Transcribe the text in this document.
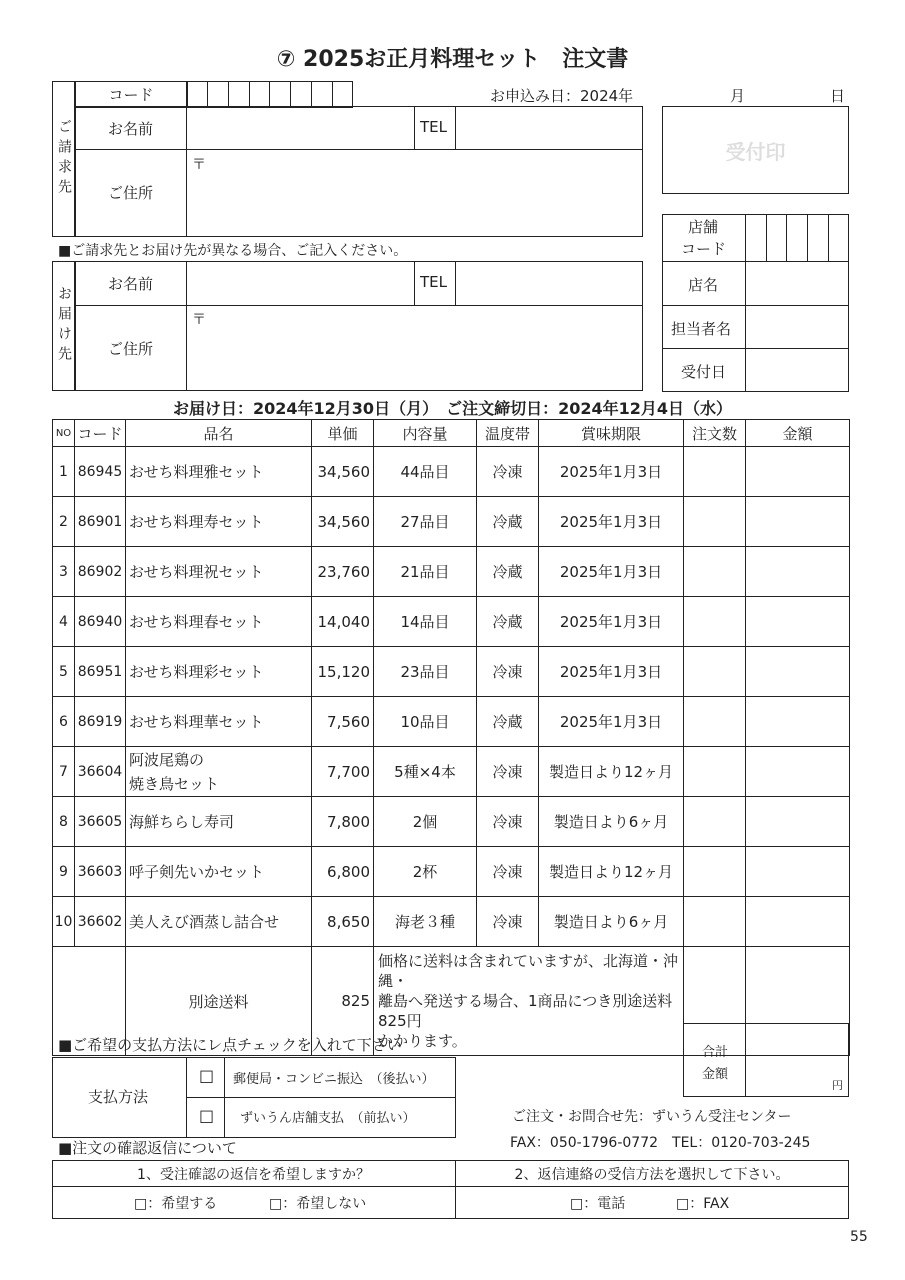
⑦ 2025お正月料理セット　注文書
お申込み日：2024年	月	日
ご請求先
コード
お名前	TEL
ご住所
〒
■ご請求先とお届け先が異なる場合、ご記入ください。
お届け先
お名前	TEL
ご住所
〒
受付印
店舗
コード
店名
担当者名
受付日
お届け日：2024年12月30日（月）　ご注文締切日：2024年12月4日（水）
NO	コード	品名	単価	内容量	温度帯	賞味期限	注文数	金額
1	86945	おせち料理雅セット	34,560	44品目	冷凍	2025年1月3日		
2	86901	おせち料理寿セット	34,560	27品目	冷蔵	2025年1月3日		
3	86902	おせち料理祝セット	23,760	21品目	冷蔵	2025年1月3日		
4	86940	おせち料理春セット	14,040	14品目	冷蔵	2025年1月3日		
5	86951	おせち料理彩セット	15,120	23品目	冷凍	2025年1月3日		
6	86919	おせち料理華セット	7,560	10品目	冷蔵	2025年1月3日		
7	36604	阿波尾鶏の
焼き鳥セット	7,700	5種×4本	冷凍	製造日より12ヶ月		
8	36605	海鮮ちらし寿司	7,800	2個	冷凍	製造日より6ヶ月		
9	36603	呼子剣先いかセット	6,800	2杯	冷凍	製造日より12ヶ月		
10	36602	美人えび酒蒸し詰合せ	8,650	海老３種	冷凍	製造日より6ヶ月		
		別途送料	825	価格に送料は含まれていますが、北海道・沖縄・
離島へ発送する場合、1商品につき別途送料825円
かかります。				

合計
金額
円
■ご希望の支払方法にレ点チェックを入れて下さい
支払方法
□ 郵便局・コンビニ振込　（後払い）
□ ずいうん店舗支払　（前払い）	ご注文・お問合せ先：ずいうん受注センター
FAX：050-1796-0772　TEL：0120-703-245
■注文の確認返信について
1、受注確認の返信を希望しますか？	2、返信連絡の受信方法を選択して下さい。
□：希望する	□：希望しない	□：電話	□：FAX
55
